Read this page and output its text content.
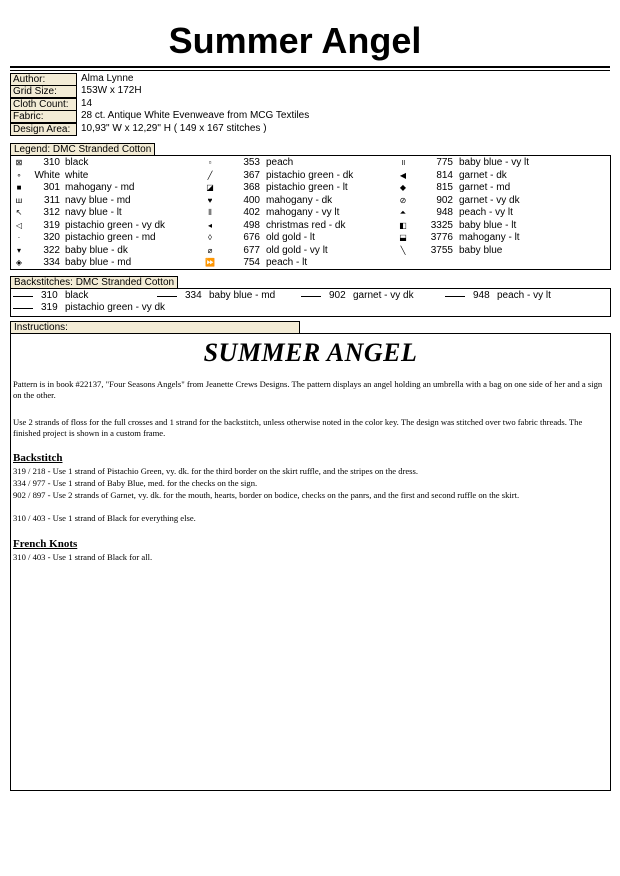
Summer Angel
Author:	Alma Lynne
Grid Size:	153W x 172H
Cloth Count:	14
Fabric:	28 ct. Antique White Evenweave from MCG Textiles
Design Area:	10,93" W x 12,29" H ( 149 x 167 stitches )
Legend: DMC Stranded Cotton
⊠	310 black
∘	White white
■	301 mahogany - md
ш	311 navy blue - md
↖	312 navy blue - lt
◁	319 pistachio green - vy dk
·	320 pistachio green - md
▾	322 baby blue - dk
◈	334 baby blue - md
▫	353 peach
╱	367 pistachio green - dk
◪	368 pistachio green - lt
♥	400 mahogany - dk
⦀	402 mahogany - vy lt
◂	498 christmas red - dk
◊	676 old gold - lt
⌀	677 old gold - vy lt
⏩	754 peach - lt
॥	775 baby blue - vy lt
◀	814 garnet - dk
◆	815 garnet - md
⊘	902 garnet - vy dk
⏶	948 peach - vy lt
◧	3325 baby blue - lt
⬓	3776 mahogany - lt
╲	3755 baby blue
Backstitches: DMC Stranded Cotton
310 black	334 baby blue - md	902 garnet - vy dk	948 peach - vy lt
319 pistachio green - vy dk
Instructions:
SUMMER ANGEL
Pattern is in book #22137, "Four Seasons Angels" from Jeanette Crews Designs. The pattern displays an angel holding an umbrella with a bag on one side of her and a sign on the other.
Use 2 strands of floss for the full crosses and 1 strand for the backstitch, unless otherwise noted in the color key. The design was stitched over two fabric threads. The finished project is shown in a custom frame.
Backstitch
319 / 218 - Use 1 strand of Pistachio Green, vy. dk. for the third border on the skirt ruffle, and the stripes on the dress.
334 / 977 - Use 1 strand of Baby Blue, med. for the checks on the sign.
902 / 897 - Use 2 strands of Garnet, vy. dk. for the mouth, hearts, border on bodice, checks on the panrs, and the first and second ruffle on the skirt.
310 / 403 - Use 1 strand of Black for everything else.
French Knots
310 / 403 - Use 1 strand of Black for all.
